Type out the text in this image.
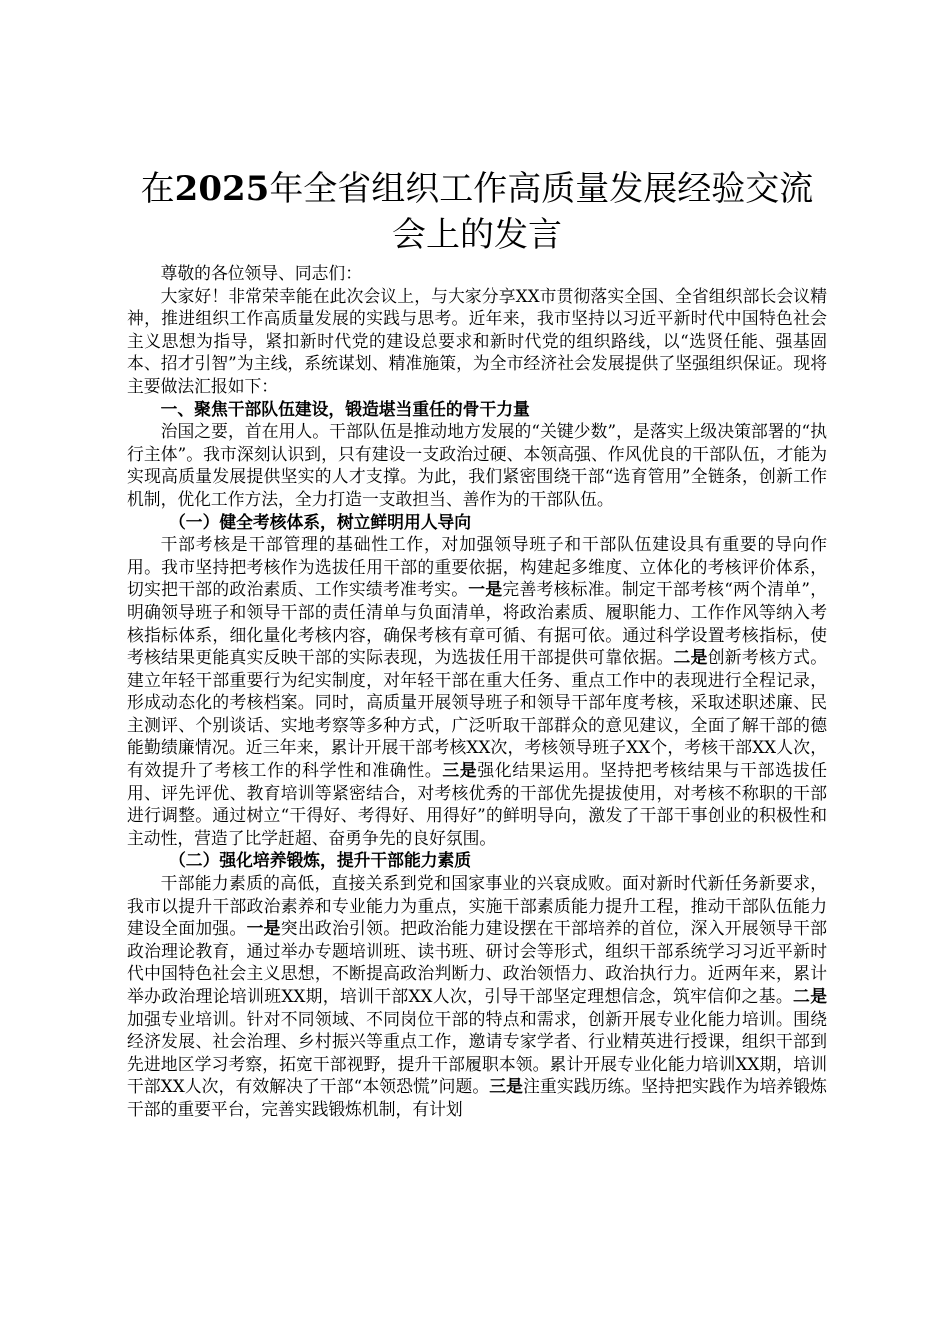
在2025年全省组织工作高质量发展经验交流会上的发言

尊敬的各位领导、同志们：

大家好！非常荣幸能在此次会议上，与大家分享XX市贯彻落实全国、全省组织部长会议精神，推进组织工作高质量发展的实践与思考。近年来，我市坚持以习近平新时代中国特色社会主义思想为指导，紧扣新时代党的建设总要求和新时代党的组织路线，以“选贤任能、强基固本、招才引智”为主线，系统谋划、精准施策，为全市经济社会发展提供了坚强组织保证。现将主要做法汇报如下：

一、聚焦干部队伍建设，锻造堪当重任的骨干力量

治国之要，首在用人。干部队伍是推动地方发展的“关键少数”，是落实上级决策部署的“执行主体”。我市深刻认识到，只有建设一支政治过硬、本领高强、作风优良的干部队伍，才能为实现高质量发展提供坚实的人才支撑。为此，我们紧密围绕干部“选育管用”全链条，创新工作机制，优化工作方法，全力打造一支敢担当、善作为的干部队伍。

（一）健全考核体系，树立鲜明用人导向

干部考核是干部管理的基础性工作，对加强领导班子和干部队伍建设具有重要的导向作用。我市坚持把考核作为选拔任用干部的重要依据，构建起多维度、立体化的考核评价体系，切实把干部的政治素质、工作实绩考准考实。一是完善考核标准。制定干部考核“两个清单”，明确领导班子和领导干部的责任清单与负面清单，将政治素质、履职能力、工作作风等纳入考核指标体系，细化量化考核内容，确保考核有章可循、有据可依。通过科学设置考核指标，使考核结果更能真实反映干部的实际表现，为选拔任用干部提供可靠依据。二是创新考核方式。建立年轻干部重要行为纪实制度，对年轻干部在重大任务、重点工作中的表现进行全程记录，形成动态化的考核档案。同时，高质量开展领导班子和领导干部年度考核，采取述职述廉、民主测评、个别谈话、实地考察等多种方式，广泛听取干部群众的意见建议，全面了解干部的德能勤绩廉情况。近三年来，累计开展干部考核XX次，考核领导班子XX个，考核干部XX人次，有效提升了考核工作的科学性和准确性。三是强化结果运用。坚持把考核结果与干部选拔任用、评先评优、教育培训等紧密结合，对考核优秀的干部优先提拔使用，对考核不称职的干部进行调整。通过树立“干得好、考得好、用得好”的鲜明导向，激发了干部干事创业的积极性和主动性，营造了比学赶超、奋勇争先的良好氛围。

（二）强化培养锻炼，提升干部能力素质

干部能力素质的高低，直接关系到党和国家事业的兴衰成败。面对新时代新任务新要求，我市以提升干部政治素养和专业能力为重点，实施干部素质能力提升工程，推动干部队伍能力建设全面加强。一是突出政治引领。把政治能力建设摆在干部培养的首位，深入开展领导干部政治理论教育，通过举办专题培训班、读书班、研讨会等形式，组织干部系统学习习近平新时代中国特色社会主义思想，不断提高政治判断力、政治领悟力、政治执行力。近两年来，累计举办政治理论培训班XX期，培训干部XX人次，引导干部坚定理想信念，筑牢信仰之基。二是加强专业培训。针对不同领域、不同岗位干部的特点和需求，创新开展专业化能力培训。围绕经济发展、社会治理、乡村振兴等重点工作，邀请专家学者、行业精英进行授课，组织干部到先进地区学习考察，拓宽干部视野，提升干部履职本领。累计开展专业化能力培训XX期，培训干部XX人次，有效解决了干部“本领恐慌”问题。三是注重实践历练。坚持把实践作为培养锻炼干部的重要平台，完善实践锻炼机制，有计划
